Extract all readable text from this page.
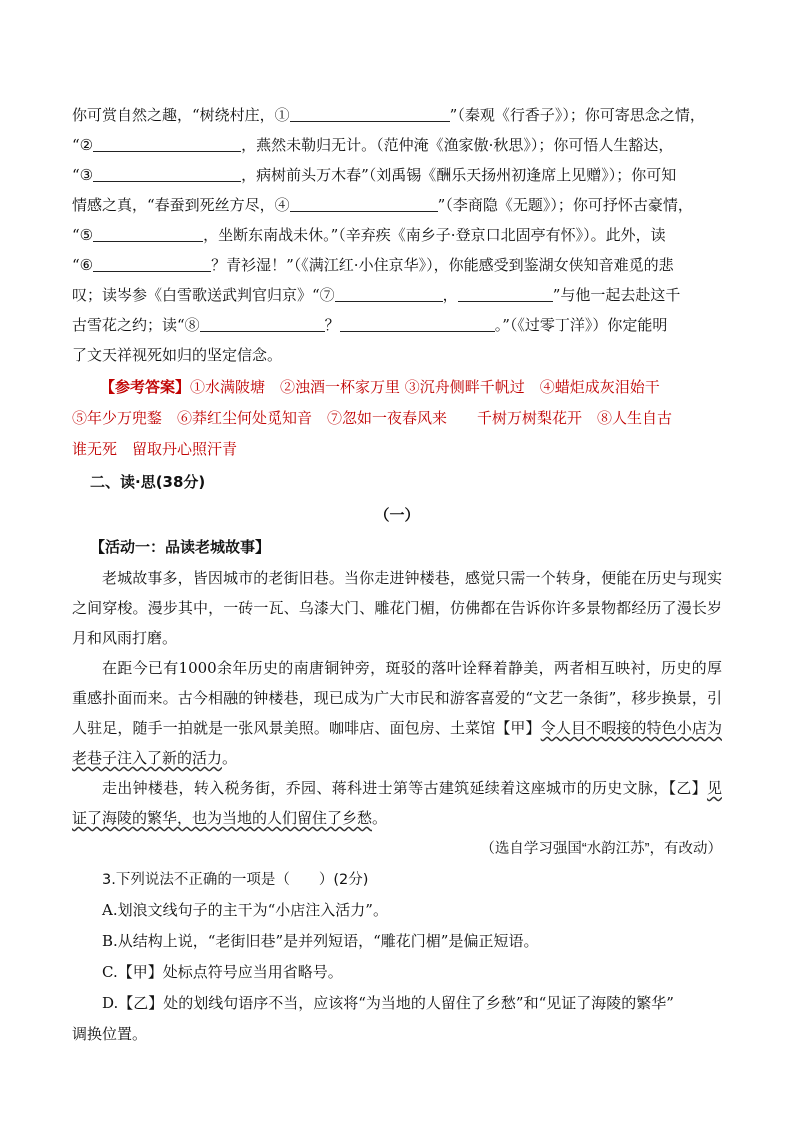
你可赏自然之趣，“树绕村庄，①	”（秦观《行香子》）；你可寄思念之情，

“②	，燕然未勒归无计。（范仲淹《渔家傲·秋思》）；你可悟人生豁达，

“③	，病树前头万木春”（刘禹锡《酬乐天扬州初逢席上见赠》）；你可知

情感之真，“春蚕到死丝方尽，④	”（李商隐《无题》）；你可抒怀古豪情，

“⑤	，坐断东南战未休。”（辛弃疾《南乡子·登京口北固亭有怀》）。此外，读

“⑥	？青衫湿！”（《满江红·小住京华》），你能感受到鉴湖女侠知音难觅的悲

叹；读岑参《白雪歌送武判官归京》“⑦	，	”与他一起去赴这千

古雪花之约；读“⑧	？	。”（《过零丁洋》）你定能明

了文天祥视死如归的坚定信念。

【参考答案】①水满陂塘　②浊酒一杯家万里 ③沉舟侧畔千帆过　④蜡炬成灰泪始干

⑤年少万兜鍪　⑥莽红尘何处觅知音　⑦忽如一夜春风来　　千树万树梨花开　⑧人生自古

谁无死　留取丹心照汗青

二、读·思(38分)

（一）

【活动一：品读老城故事】

老城故事多，皆因城市的老街旧巷。当你走进钟楼巷，感觉只需一个转身，便能在历史与现实之间穿梭。漫步其中，一砖一瓦、乌漆大门、雕花门楣，仿佛都在告诉你许多景物都经历了漫长岁月和风雨打磨。

在距今已有1000余年历史的南唐铜钟旁，斑驳的落叶诠释着静美，两者相互映衬，历史的厚重感扑面而来。古今相融的钟楼巷，现已成为广大市民和游客喜爱的“文艺一条街”，移步换景，引人驻足，随手一拍就是一张风景美照。咖啡店、面包房、土菜馆【甲】令人目不暇接的特色小店为老巷子注入了新的活力。

走出钟楼巷，转入税务街，乔园、蒋科进士第等古建筑延续着这座城市的历史文脉，【乙】见证了海陵的繁华，也为当地的人们留住了乡愁。

（选自学习强国“水韵江苏”，有改动）

3.下列说法不正确的一项是（　　）(2分)

A.划浪文线句子的主干为“小店注入活力”。

B.从结构上说，“老街旧巷”是并列短语，“雕花门楣”是偏正短语。

C.【甲】处标点符号应当用省略号。

D.【乙】处的划线句语序不当，应该将“为当地的人留住了乡愁”和“见证了海陵的繁华”

调换位置。
